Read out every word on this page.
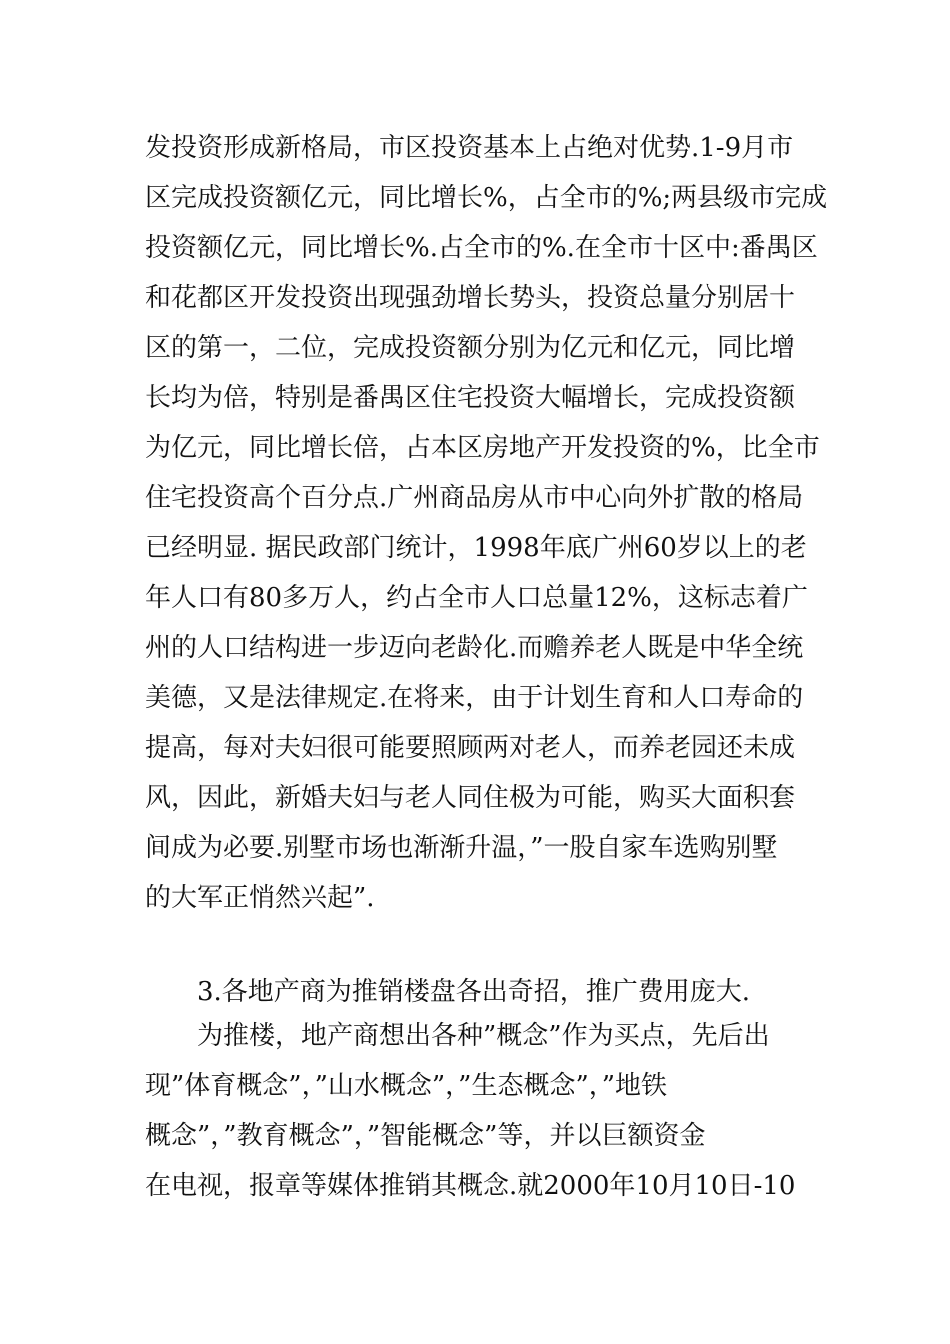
发投资形成新格局，市区投资基本上占绝对优势.1-9月市
区完成投资额亿元，同比增长%，占全市的%;两县级市完成
投资额亿元，同比增长%.占全市的%.在全市十区中:番禺区
和花都区开发投资出现强劲增长势头，投资总量分别居十
区的第一，二位，完成投资额分别为亿元和亿元，同比增
长均为倍，特别是番禺区住宅投资大幅增长，完成投资额
为亿元，同比增长倍，占本区房地产开发投资的%，比全市
住宅投资高个百分点.广州商品房从市中心向外扩散的格局
已经明显. 据民政部门统计，1998年底广州60岁以上的老
年人口有80多万人，约占全市人口总量12%，这标志着广
州的人口结构进一步迈向老龄化.而赡养老人既是中华全统
美德，又是法律规定.在将来，由于计划生育和人口寿命的
提高，每对夫妇很可能要照顾两对老人，而养老园还未成
风，因此，新婚夫妇与老人同住极为可能，购买大面积套
间成为必要.别墅市场也渐渐升温，”一股自家车选购别墅
的大军正悄然兴起”.
3.各地产商为推销楼盘各出奇招，推广费用庞大.
为推楼，地产商想出各种”概念”作为买点，先后出
现”体育概念”，”山水概念”，”生态概念”，”地铁
概念”，”教育概念”，”智能概念”等，并以巨额资金
在电视，报章等媒体推销其概念.就2000年10月10日-10
